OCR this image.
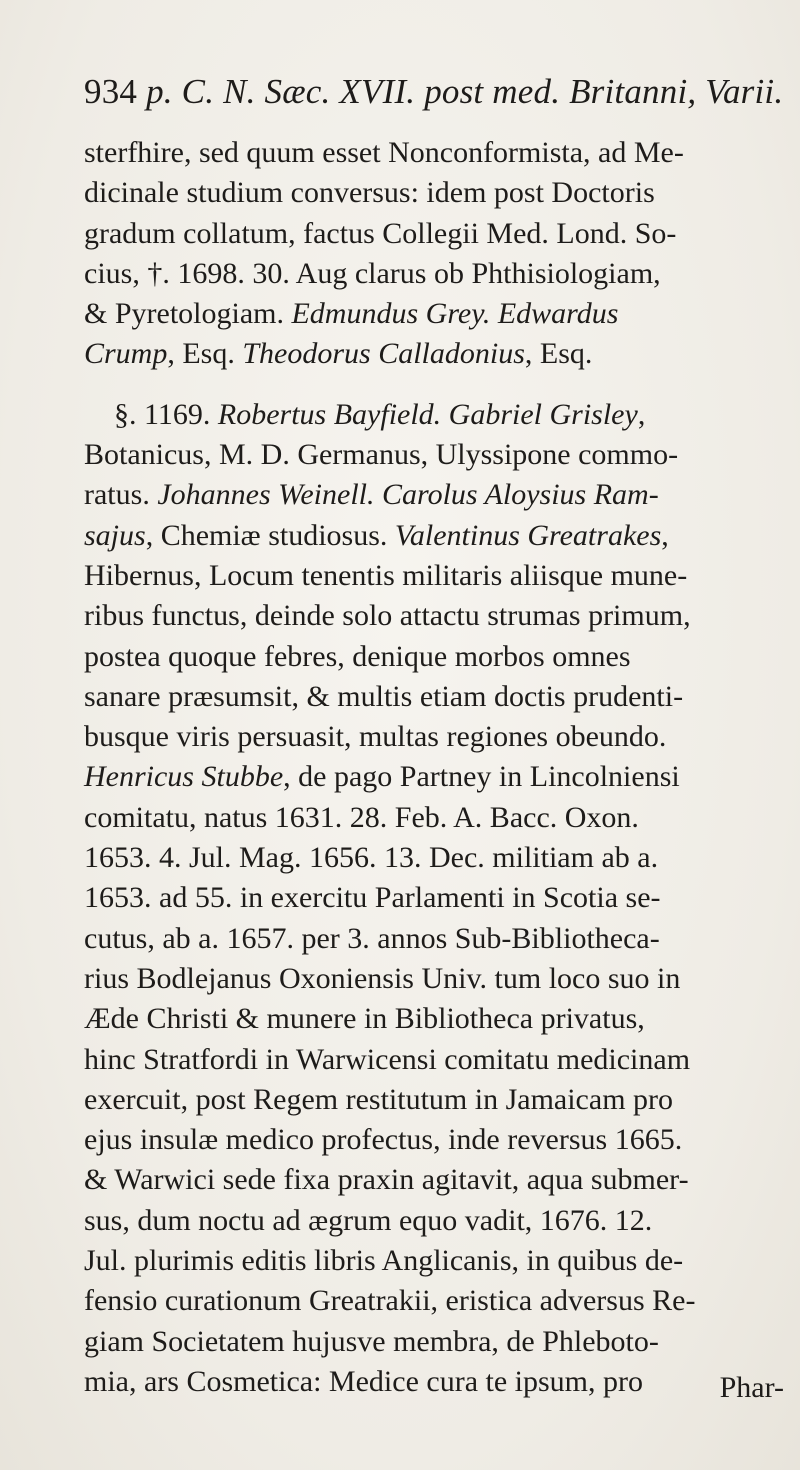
934 p. C. N. Sæc. XVII. post med. Britanni, Varii.
sterfhire, sed quum esset Nonconformista, ad Me-
dicinale studium conversus: idem post Doctoris
gradum collatum, factus Collegii Med. Lond. So-
cius, †. 1698. 30. Aug clarus ob Phthisiologiam,
& Pyretologiam. Edmundus Grey. Edwardus
Crump, Esq. Theodorus Calladonius, Esq.
§. 1169. Robertus Bayfield. Gabriel Grisley,
Botanicus, M. D. Germanus, Ulyssipone commo-
ratus. Johannes Weinell. Carolus Aloysius Ram-
sajus, Chemiæ studiosus. Valentinus Greatrakes,
Hibernus, Locum tenentis militaris aliisque mune-
ribus functus, deinde solo attactu strumas primum,
postea quoque febres, denique morbos omnes
sanare præsumsit, & multis etiam doctis prudenti-
busque viris persuasit, multas regiones obeundo.
Henricus Stubbe, de pago Partney in Lincolniensi
comitatu, natus 1631. 28. Feb. A. Bacc. Oxon.
1653. 4. Jul. Mag. 1656. 13. Dec. militiam ab a.
1653. ad 55. in exercitu Parlamenti in Scotia se-
cutus, ab a. 1657. per 3. annos Sub-Bibliotheca-
rius Bodlejanus Oxoniensis Univ. tum loco suo in
Æde Christi & munere in Bibliotheca privatus,
hinc Stratfordi in Warwicensi comitatu medicinam
exercuit, post Regem restitutum in Jamaicam pro
ejus insulæ medico profectus, inde reversus 1665.
& Warwici sede fixa praxin agitavit, aqua submer-
sus, dum noctu ad ægrum equo vadit, 1676. 12.
Jul. plurimis editis libris Anglicanis, in quibus de-
fensio curationum Greatrakii, eristica adversus Re-
giam Societatem hujusve membra, de Phleboto-
mia, ars Cosmetica: Medice cura te ipsum, pro	Phar-
